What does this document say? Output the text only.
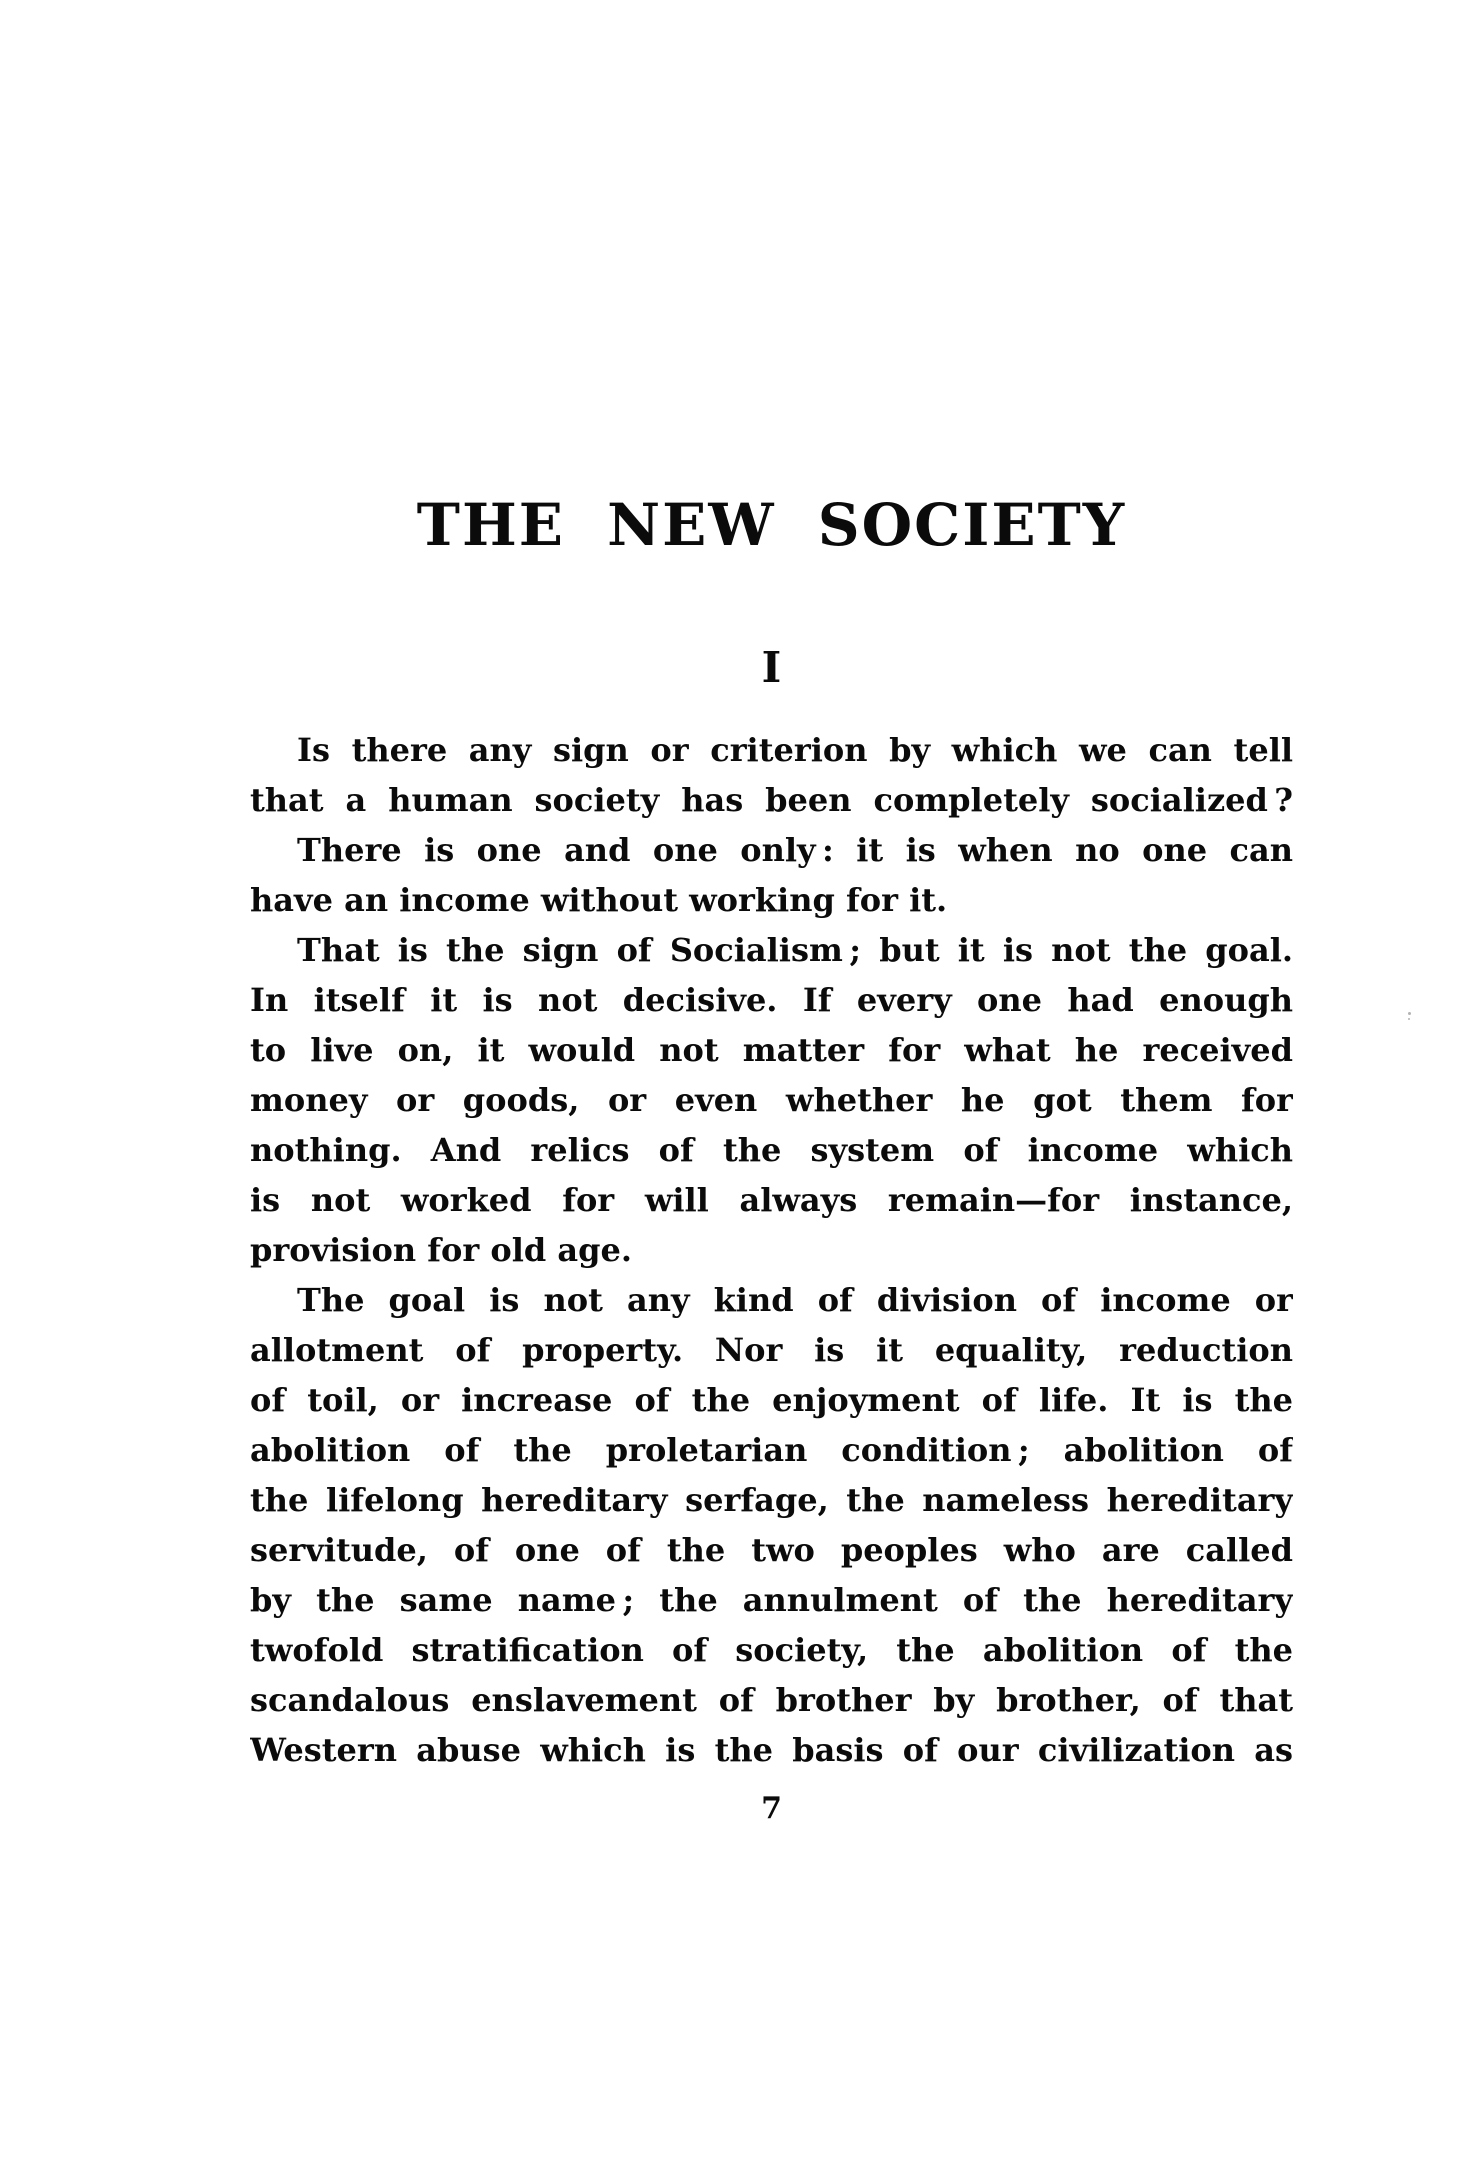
THE NEW SOCIETY
I
Is there any sign or criterion by which we can tell
that a human society has been completely socialized ?
There is one and one only : it is when no one can
have an income without working for it.
That is the sign of Socialism ; but it is not the goal.
In itself it is not decisive. If every one had enough
to live on, it would not matter for what he received
money or goods, or even whether he got them for
nothing. And relics of the system of income which
is not worked for will always remain—for instance,
provision for old age.
The goal is not any kind of division of income or
allotment of property. Nor is it equality, reduction
of toil, or increase of the enjoyment of life. It is the
abolition of the proletarian condition ; abolition of
the lifelong hereditary serfage, the nameless hereditary
servitude, of one of the two peoples who are called
by the same name ; the annulment of the hereditary
twofold stratification of society, the abolition of the
scandalous enslavement of brother by brother, of that
Western abuse which is the basis of our civilization as
7
